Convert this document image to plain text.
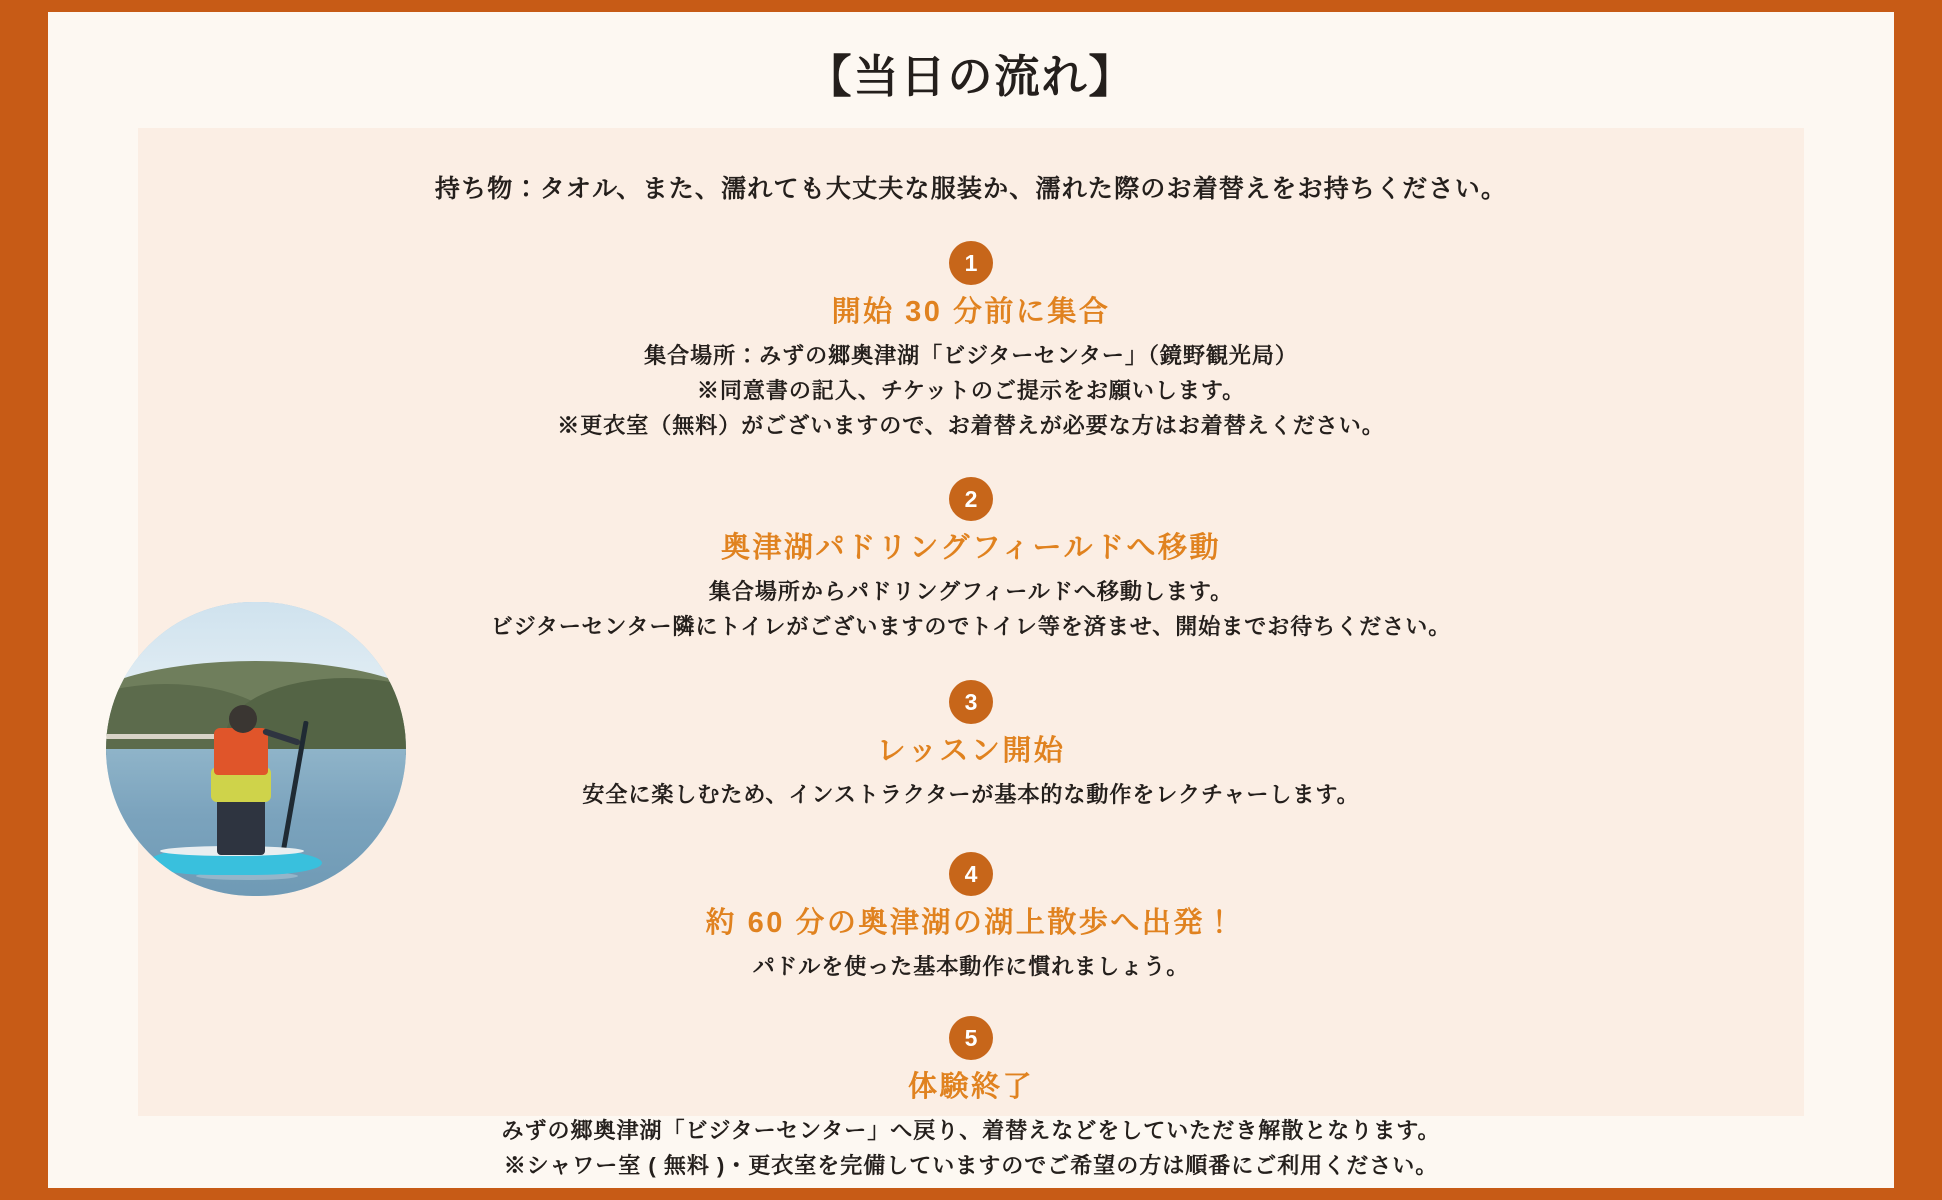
【当日の流れ】

持ち物：タオル、また、濡れても大丈夫な服装か、濡れた際のお着替えをお持ちください。

1
開始 30 分前に集合
集合場所：みずの郷奥津湖「ビジターセンター」（鏡野観光局）
※同意書の記入、チケットのご提示をお願いします。
※更衣室（無料）がございますので、お着替えが必要な方はお着替えください。
2
奥津湖パドリングフィールドへ移動
集合場所からパドリングフィールドへ移動します。
ビジターセンター隣にトイレがございますのでトイレ等を済ませ、開始までお待ちください。
3
レッスン開始
安全に楽しむため、インストラクターが基本的な動作をレクチャーします。
4
約 60 分の奥津湖の湖上散歩へ出発！
パドルを使った基本動作に慣れましょう。
5
体験終了
みずの郷奥津湖「ビジターセンター」へ戻り、着替えなどをしていただき解散となります。
※シャワー室 ( 無料 )・更衣室を完備していますのでご希望の方は順番にご利用ください。
